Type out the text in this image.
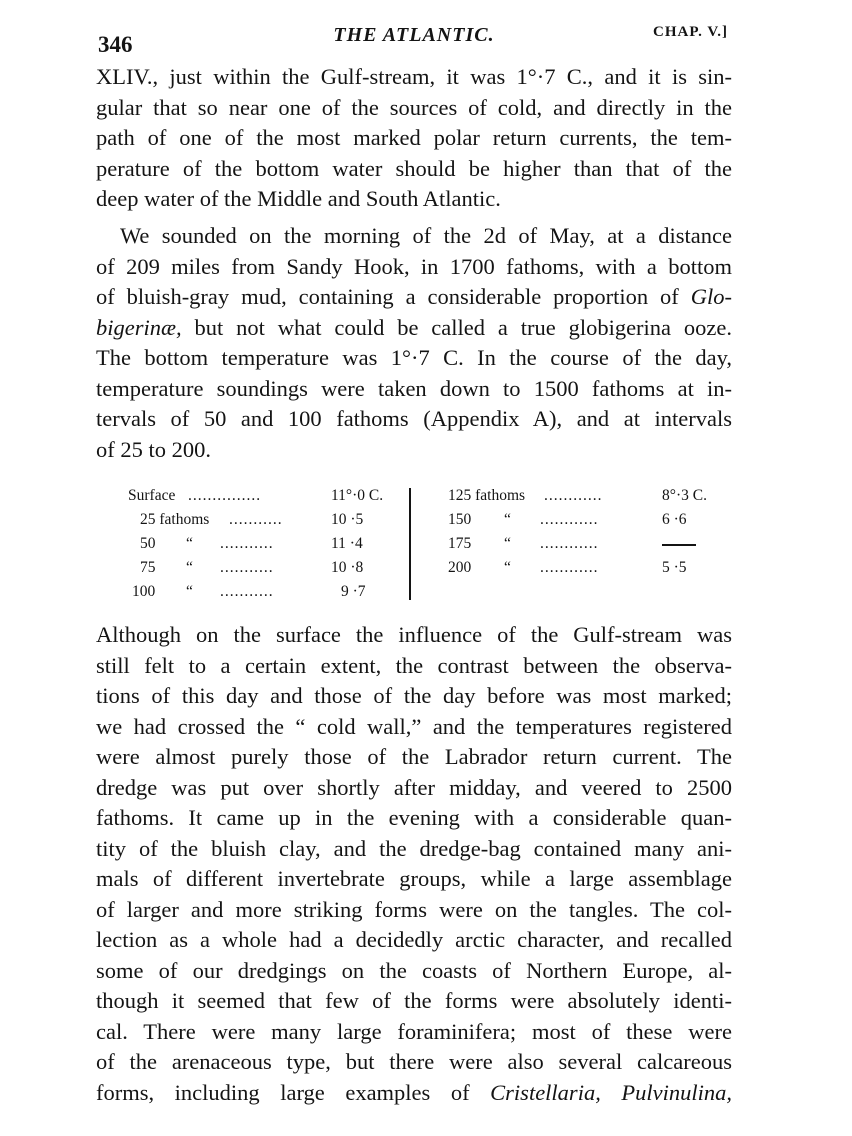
346	THE ATLANTIC.	CHAP. V.]
XLIV., just within the Gulf-stream, it was 1°·7 C., and it is sin-
gular that so near one of the sources of cold, and directly in the
path of one of the most marked polar return currents, the tem-
perature of the bottom water should be higher than that of the
deep water of the Middle and South Atlantic.
We sounded on the morning of the 2d of May, at a distance
of 209 miles from Sandy Hook, in 1700 fathoms, with a bottom
of bluish-gray mud, containing a considerable proportion of Glo-
bigerinæ, but not what could be called a true globigerina ooze.
The bottom temperature was 1°·7 C. In the course of the day,
temperature soundings were taken down to 1500 fathoms at in-
tervals of 50 and 100 fathoms (Appendix A), and at intervals
of 25 to 200.
Surface ...............	11°·0 C.
25 fathoms ...........	10 ·5
50 “ ...........	11 ·4
75 “ ...........	10 ·8
100 “ ...........	9 ·7
125 fathoms ............	8°·3 C.
150 “ ............	6 ·6
175 “ ............
200 “ ............	5 ·5
Although on the surface the influence of the Gulf-stream was
still felt to a certain extent, the contrast between the observa-
tions of this day and those of the day before was most marked;
we had crossed the “ cold wall,” and the temperatures registered
were almost purely those of the Labrador return current. The
dredge was put over shortly after midday, and veered to 2500
fathoms. It came up in the evening with a considerable quan-
tity of the bluish clay, and the dredge-bag contained many ani-
mals of different invertebrate groups, while a large assemblage
of larger and more striking forms were on the tangles. The col-
lection as a whole had a decidedly arctic character, and recalled
some of our dredgings on the coasts of Northern Europe, al-
though it seemed that few of the forms were absolutely identi-
cal. There were many large foraminifera; most of these were
of the arenaceous type, but there were also several calcareous
forms, including large examples of Cristellaria, Pulvinulina,
